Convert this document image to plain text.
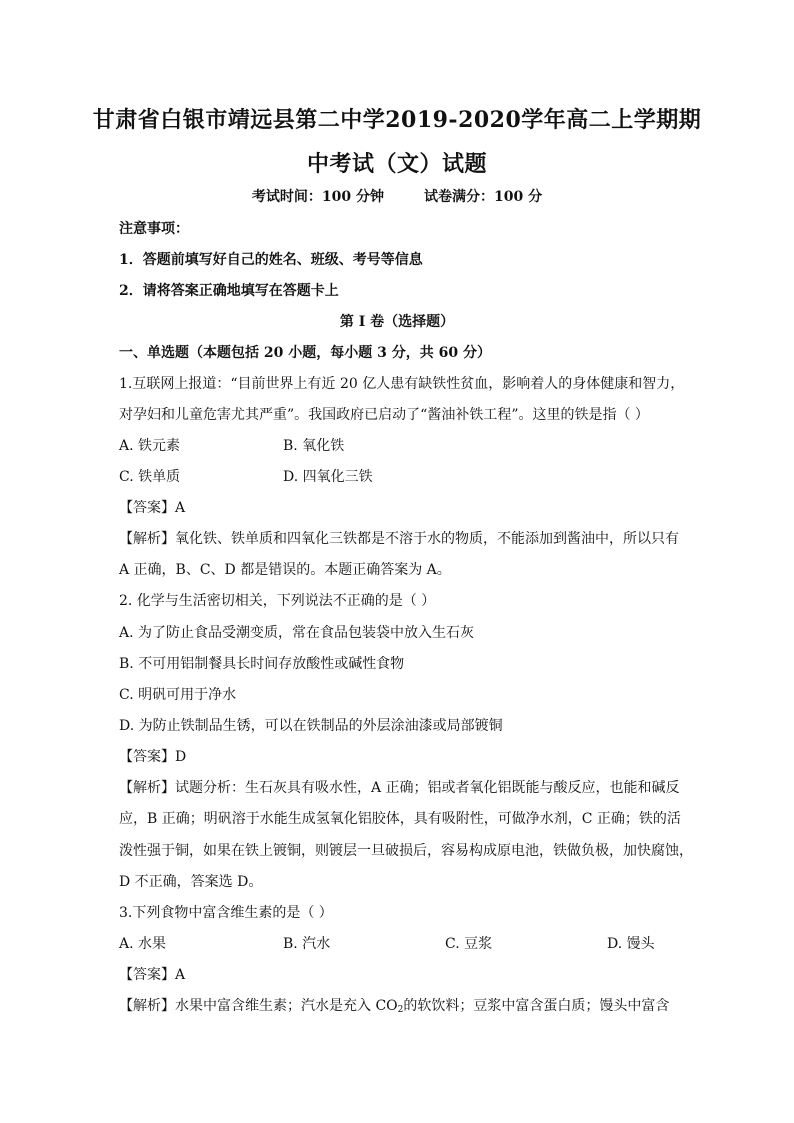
甘肃省白银市靖远县第二中学2019-2020学年高二上学期期
中考试（文）试题
考试时间：100 分钟	试卷满分：100 分
注意事项：
1．答题前填写好自己的姓名、班级、考号等信息
2．请将答案正确地填写在答题卡上
第 I 卷（选择题）
一、单选题（本题包括 20 小题，每小题 3 分，共 60 分）
1.互联网上报道：“目前世界上有近 20 亿人患有缺铁性贫血，影响着人的身体健康和智力，
对孕妇和儿童危害尤其严重”。我国政府已启动了“酱油补铁工程”。这里的铁是指（ ）
A. 铁元素	B. 氧化铁
C. 铁单质	D. 四氧化三铁
【答案】A
【解析】氧化铁、铁单质和四氧化三铁都是不溶于水的物质，不能添加到酱油中，所以只有
A 正确，B、C、D 都是错误的。本题正确答案为 A。
2. 化学与生活密切相关，下列说法不正确的是（ ）
A. 为了防止食品受潮变质，常在食品包装袋中放入生石灰
B. 不可用铝制餐具长时间存放酸性或碱性食物
C. 明矾可用于净水
D. 为防止铁制品生锈，可以在铁制品的外层涂油漆或局部镀铜
【答案】D
【解析】试题分析：生石灰具有吸水性，A 正确；铝或者氧化铝既能与酸反应，也能和碱反
应，B 正确；明矾溶于水能生成氢氧化铝胶体，具有吸附性，可做净水剂，C 正确；铁的活
泼性强于铜，如果在铁上镀铜，则镀层一旦破损后，容易构成原电池，铁做负极，加快腐蚀，
D 不正确，答案选 D。
3.下列食物中富含维生素的是（ ）
A. 水果	B. 汽水	C. 豆浆	D. 馒头
【答案】A
【解析】水果中富含维生素；汽水是充入 $CO_2$的软饮料；豆浆中富含蛋白质；馒头中富含
